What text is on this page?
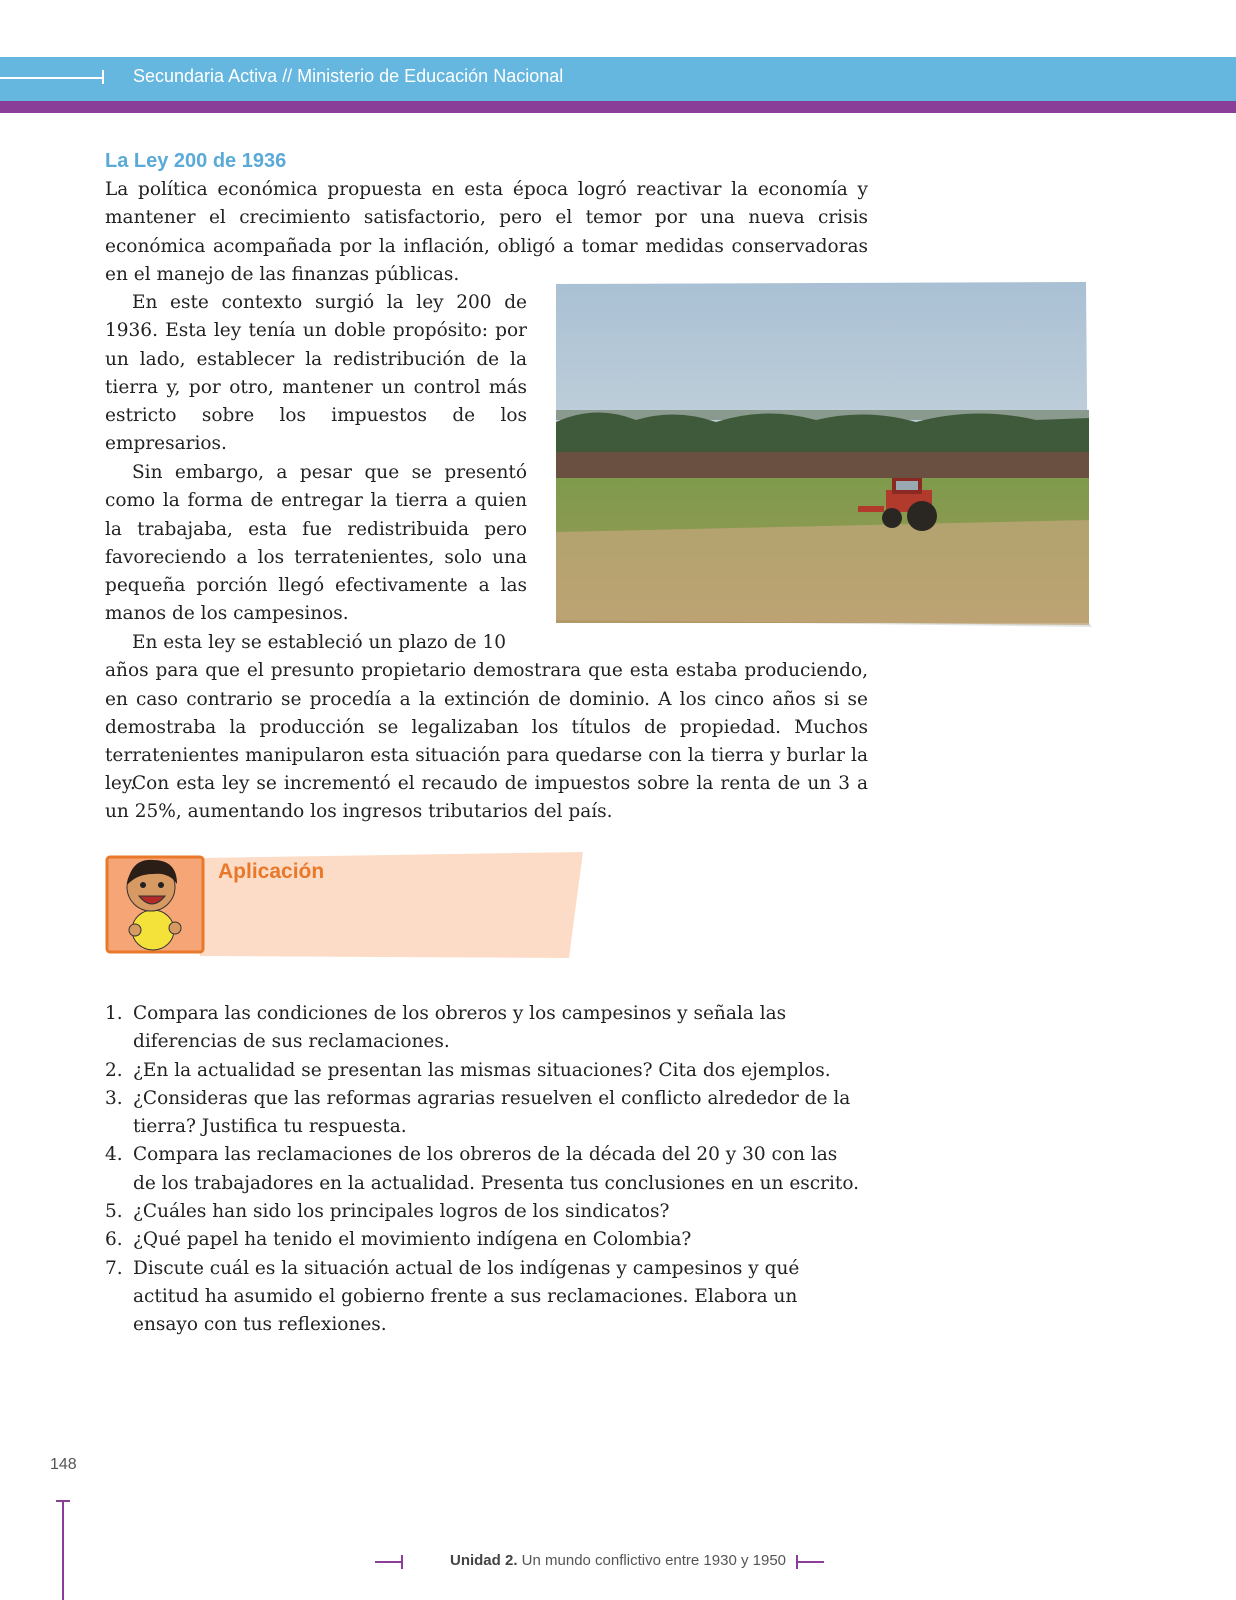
Secundaria Activa // Ministerio de Educación Nacional
La Ley 200 de 1936

La política económica propuesta en esta época logró reactivar la economía y mantener el crecimiento satisfactorio, pero el temor por una nueva crisis económica acompañada por la inflación, obligó a tomar medidas conservadoras en el manejo de las finanzas públicas.

En este contexto surgió la ley 200 de 1936. Esta ley tenía un doble propósito: por un lado, establecer la redistribución de la tierra y, por otro, mantener un control más estricto sobre los impuestos de los empresarios.

Sin embargo, a pesar que se presentó como la forma de entregar la tierra a quien la trabajaba, esta fue redistribuida pero favoreciendo a los terratenientes, solo una pequeña porción llegó efectivamente a las manos de los campesinos.

En esta ley se estableció un plazo de 10
años para que el presunto propietario demostrara que esta estaba produciendo, en caso contrario se procedía a la extinción de dominio. A los cinco años si se demostraba la producción se legalizaban los títulos de propiedad. Muchos terratenientes manipularon esta situación para quedarse con la tierra y burlar la ley.

Con esta ley se incrementó el recaudo de impuestos sobre la renta de un 3 a un 25%, aumentando los ingresos tributarios del país.

Aplicación
1. Compara las condiciones de los obreros y los campesinos y señala las diferencias de sus reclamaciones.
2. ¿En la actualidad se presentan las mismas situaciones? Cita dos ejemplos.
3. ¿Consideras que las reformas agrarias resuelven el conflicto alrededor de la tierra? Justifica tu respuesta.
4. Compara las reclamaciones de los obreros de la década del 20 y 30 con las de los trabajadores en la actualidad. Presenta tus conclusiones en un escrito.
5. ¿Cuáles han sido los principales logros de los sindicatos?
6. ¿Qué papel ha tenido el movimiento indígena en Colombia?
7. Discute cuál es la situación actual de los indígenas y campesinos y qué actitud ha asumido el gobierno frente a sus reclamaciones. Elabora un ensayo con tus reflexiones.
148
Unidad 2. Un mundo conflictivo entre 1930 y 1950
